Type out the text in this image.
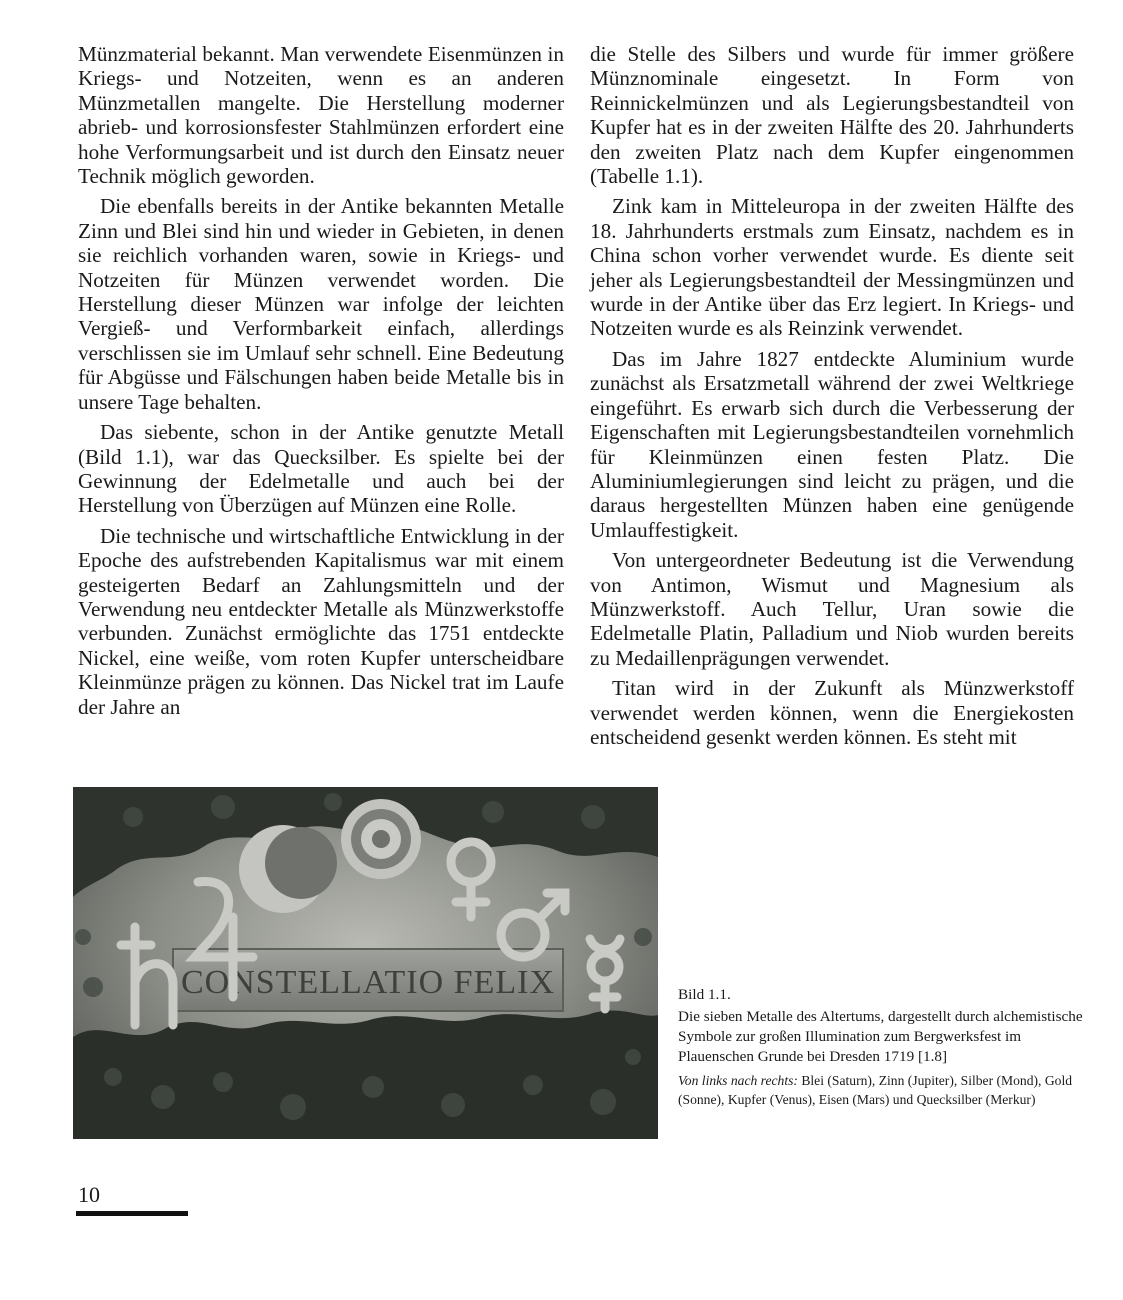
Münzmaterial bekannt. Man verwendete Eisenmünzen in Kriegs- und Notzeiten, wenn es an anderen Münzmetallen mangelte. Die Herstellung moderner abrieb- und korrosionsfester Stahlmünzen erfordert eine hohe Verformungsarbeit und ist durch den Einsatz neuer Technik möglich geworden.

Die ebenfalls bereits in der Antike bekannten Metalle Zinn und Blei sind hin und wieder in Gebieten, in denen sie reichlich vorhanden waren, sowie in Kriegs- und Notzeiten für Münzen verwendet worden. Die Herstellung dieser Münzen war infolge der leichten Vergieß- und Verformbarkeit einfach, allerdings verschlissen sie im Umlauf sehr schnell. Eine Bedeutung für Abgüsse und Fälschungen haben beide Metalle bis in unsere Tage behalten.

Das siebente, schon in der Antike genutzte Metall (Bild 1.1), war das Quecksilber. Es spielte bei der Gewinnung der Edelmetalle und auch bei der Herstellung von Überzügen auf Münzen eine Rolle.

Die technische und wirtschaftliche Entwicklung in der Epoche des aufstrebenden Kapitalismus war mit einem gesteigerten Bedarf an Zahlungsmitteln und der Verwendung neu entdeckter Metalle als Münzwerkstoffe verbunden. Zunächst ermöglichte das 1751 entdeckte Nickel, eine weiße, vom roten Kupfer unterscheidbare Kleinmünze prägen zu können. Das Nickel trat im Laufe der Jahre an

die Stelle des Silbers und wurde für immer größere Münznominale eingesetzt. In Form von Reinnickelmünzen und als Legierungsbestandteil von Kupfer hat es in der zweiten Hälfte des 20. Jahrhunderts den zweiten Platz nach dem Kupfer eingenommen (Tabelle 1.1).

Zink kam in Mitteleuropa in der zweiten Hälfte des 18. Jahrhunderts erstmals zum Einsatz, nachdem es in China schon vorher verwendet wurde. Es diente seit jeher als Legierungsbestandteil der Messingmünzen und wurde in der Antike über das Erz legiert. In Kriegs- und Notzeiten wurde es als Reinzink verwendet.

Das im Jahre 1827 entdeckte Aluminium wurde zunächst als Ersatzmetall während der zwei Weltkriege eingeführt. Es erwarb sich durch die Verbesserung der Eigenschaften mit Legierungsbestandteilen vornehmlich für Kleinmünzen einen festen Platz. Die Aluminiumlegierungen sind leicht zu prägen, und die daraus hergestellten Münzen haben eine genügende Umlauffestigkeit.

Von untergeordneter Bedeutung ist die Verwendung von Antimon, Wismut und Magnesium als Münzwerkstoff. Auch Tellur, Uran sowie die Edelmetalle Platin, Palladium und Niob wurden bereits zu Medaillenprägungen verwendet.

Titan wird in der Zukunft als Münzwerkstoff verwendet werden können, wenn die Energiekosten entscheidend gesenkt werden können. Es steht mit

CONSTELLATIO FELIX	Bild 1.1.
Die sieben Metalle des Altertums, dargestellt durch alchemistische Symbole zur großen Illumination zum Bergwerksfest im Plauenschen Grunde bei Dresden 1719 [1.8]
Von links nach rechts: Blei (Saturn), Zinn (Jupiter), Silber (Mond), Gold (Sonne), Kupfer (Venus), Eisen (Mars) und Quecksilber (Merkur)
10
